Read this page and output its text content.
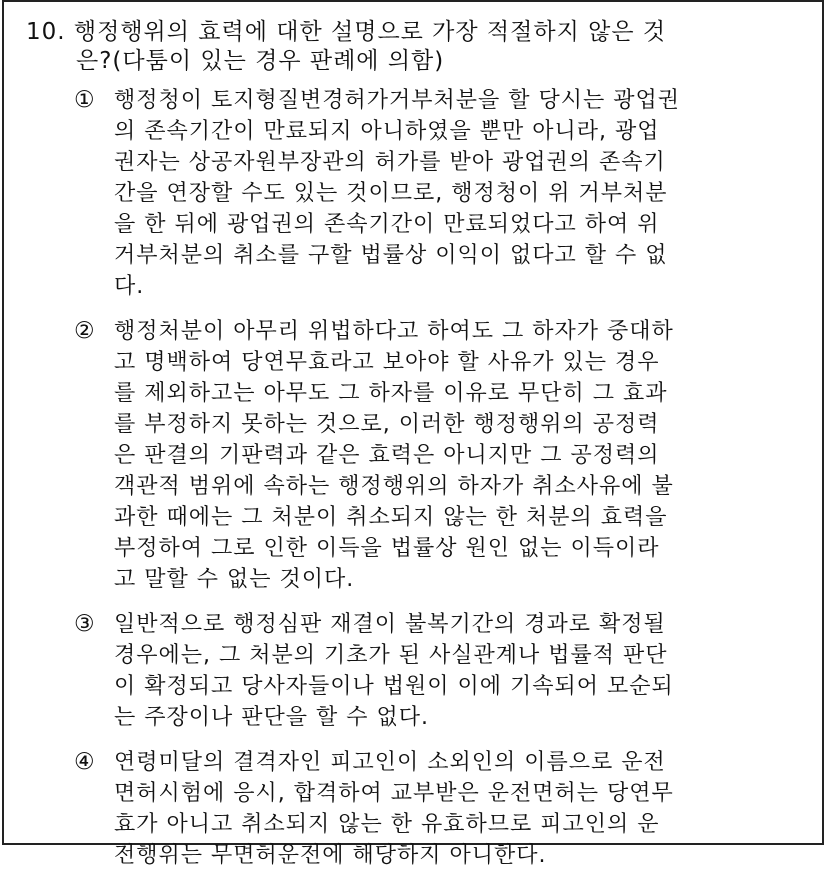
10. 행정행위의 효력에 대한 설명으로 가장 적절하지 않은 것
은?(다툼이 있는 경우 판례에 의함)
① 행정청이 토지형질변경허가거부처분을 할 당시는 광업권
의 존속기간이 만료되지 아니하였을 뿐만 아니라, 광업
권자는 상공자원부장관의 허가를 받아 광업권의 존속기
간을 연장할 수도 있는 것이므로, 행정청이 위 거부처분
을 한 뒤에 광업권의 존속기간이 만료되었다고 하여 위
거부처분의 취소를 구할 법률상 이익이 없다고 할 수 없
다.
② 행정처분이 아무리 위법하다고 하여도 그 하자가 중대하
고 명백하여 당연무효라고 보아야 할 사유가 있는 경우
를 제외하고는 아무도 그 하자를 이유로 무단히 그 효과
를 부정하지 못하는 것으로, 이러한 행정행위의 공정력
은 판결의 기판력과 같은 효력은 아니지만 그 공정력의
객관적 범위에 속하는 행정행위의 하자가 취소사유에 불
과한 때에는 그 처분이 취소되지 않는 한 처분의 효력을
부정하여 그로 인한 이득을 법률상 원인 없는 이득이라
고 말할 수 없는 것이다.
③ 일반적으로 행정심판 재결이 불복기간의 경과로 확정될
경우에는, 그 처분의 기초가 된 사실관계나 법률적 판단
이 확정되고 당사자들이나 법원이 이에 기속되어 모순되
는 주장이나 판단을 할 수 없다.
④ 연령미달의 결격자인 피고인이 소외인의 이름으로 운전
면허시험에 응시, 합격하여 교부받은 운전면허는 당연무
효가 아니고 취소되지 않는 한 유효하므로 피고인의 운
전행위는 무면허운전에 해당하지 아니한다.
